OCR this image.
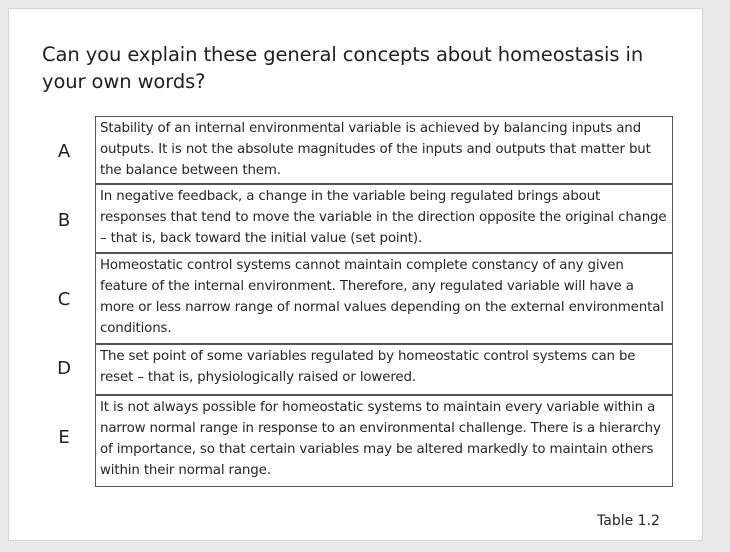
Can you explain these general concepts about homeostasis in your own words?
A
Stability of an internal environmental variable is achieved by balancing inputs and outputs. It is not the absolute magnitudes of the inputs and outputs that matter but the balance between them.
B
In negative feedback, a change in the variable being regulated brings about responses that tend to move the variable in the direction opposite the original change – that is, back toward the initial value (set point).
C
Homeostatic control systems cannot maintain complete constancy of any given feature of the internal environment. Therefore, any regulated variable will have a more or less narrow range of normal values depending on the external environmental conditions.
D
The set point of some variables regulated by homeostatic control systems can be reset – that is, physiologically raised or lowered.
E
It is not always possible for homeostatic systems to maintain every variable within a narrow normal range in response to an environmental challenge. There is a hierarchy of importance, so that certain variables may be altered markedly to maintain others within their normal range.
Table 1.2
